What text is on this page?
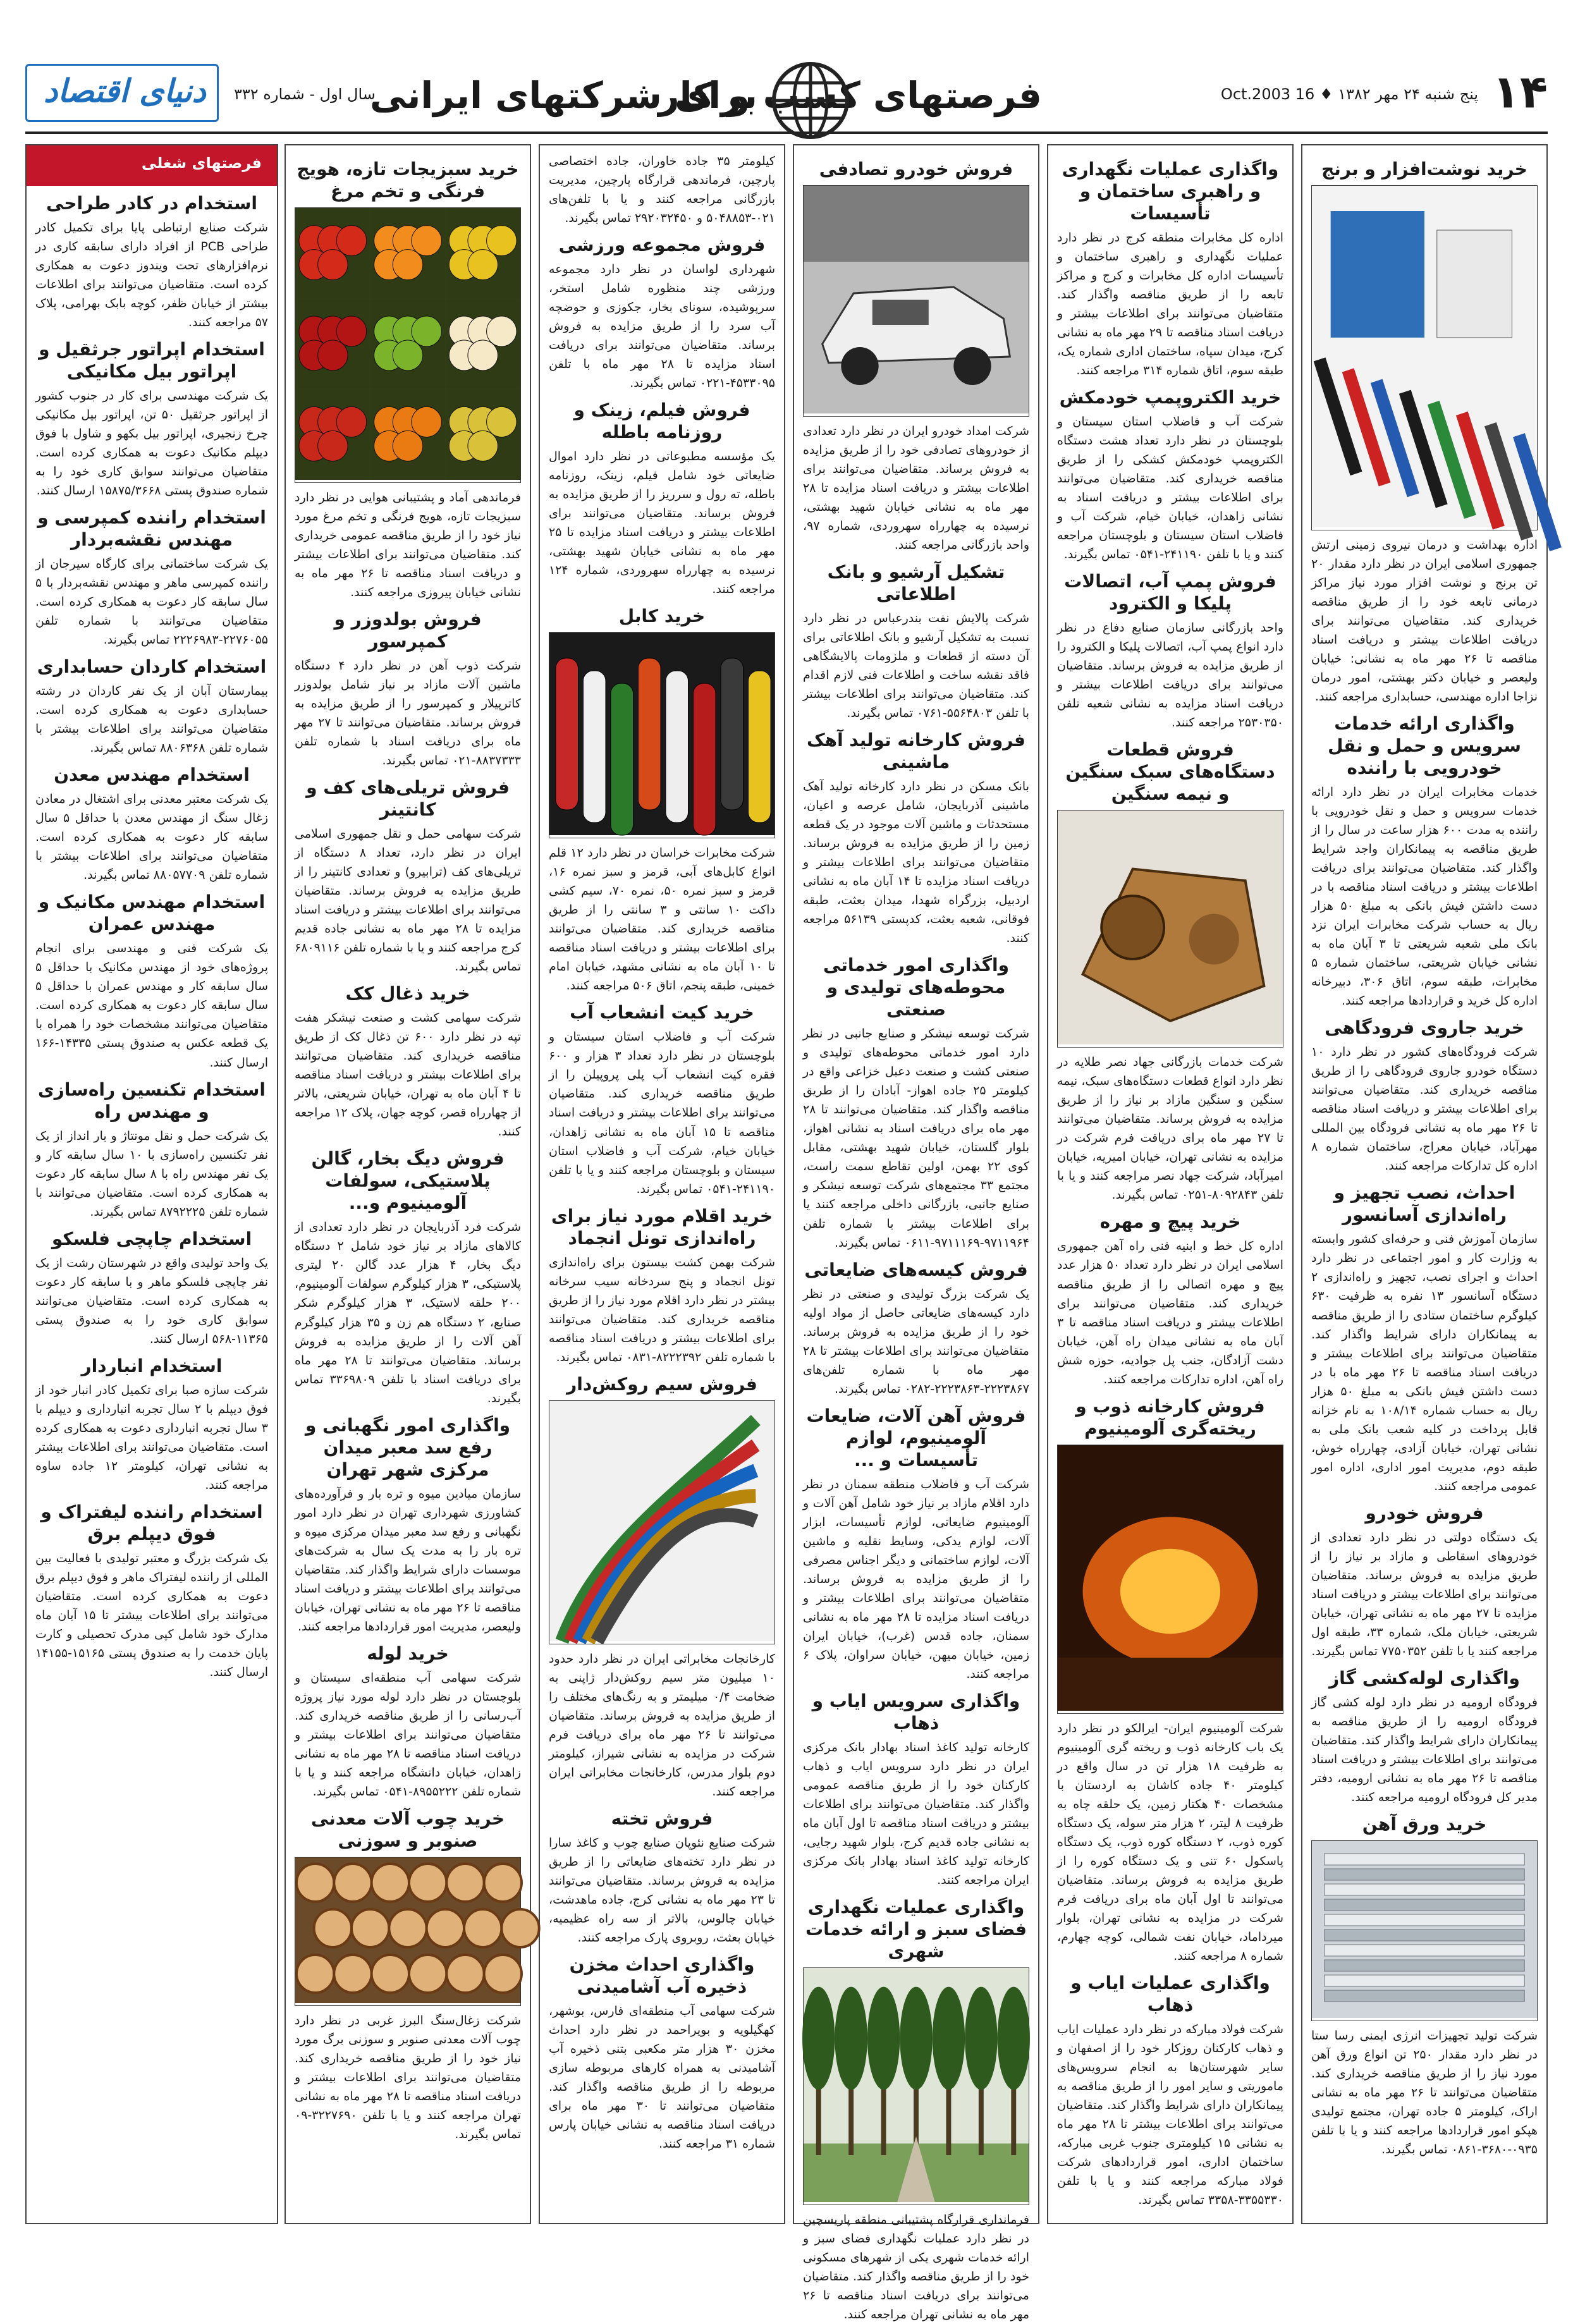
۱۴
پنج شنبه ۲۴ مهر ۱۳۸۲ ♦ 16 Oct.2003
فرصتهای کسب و کار
برای شرکتهای ایرانی
سال اول - شماره ۳۳۲
دنیای اقتصاد
خرید نوشت‌افزار و برنج

اداره بهداشت و درمان نیروی زمینی ارتش جمهوری اسلامی ایران در نظر دارد مقدار ۲۰ تن برنج و نوشت افزار مورد نیاز مراکز درمانی تابعه خود را از طریق مناقصه خریداری کند. متقاضیان می‌توانند برای دریافت اطلاعات بیشتر و دریافت اسناد مناقصه تا ۲۶ مهر ماه به نشانی: خیابان ولیعصر و خیابان دکتر بهشتی، امور درمان نزاجا اداره مهندسی، حسابداری مراجعه کنند.

واگذاری ارائه خدمات سرویس و حمل و نقل خودرویی با راننده

خدمات مخابرات ایران در نظر دارد ارائه خدمات سرویس و حمل و نقل خودرویی با راننده به مدت ۶۰۰ هزار ساعت در سال را از طریق مناقصه به پیمانکاران واجد شرایط واگذار کند. متقاضیان می‌توانند برای دریافت اطلاعات بیشتر و دریافت اسناد مناقصه با در دست داشتن فیش بانکی به مبلغ ۵۰ هزار ریال به حساب شرکت مخابرات ایران نزد بانک ملی شعبه شریعتی تا ۳ آبان ماه به نشانی خیابان شریعتی، ساختمان شماره ۵ مخابرات، طبقه سوم، اتاق ۳۰۶، دبیرخانه اداره کل خرید و قراردادها مراجعه کنند.

خرید جاروی فرودگاهی

شرکت فرودگاه‌های کشور در نظر دارد ۱۰ دستگاه خودرو جاروی فرودگاهی را از طریق مناقصه خریداری کند. متقاضیان می‌توانند برای اطلاعات بیشتر و دریافت اسناد مناقصه تا ۲۶ مهر ماه به نشانی فرودگاه بین المللی مهرآباد، خیابان معراج، ساختمان شماره ۸ اداره کل تدارکات مراجعه کنند.

احداث، نصب تجهیز و راه‌اندازی آسانسور

سازمان آموزش فنی و حرفه‌ای کشور وابسته به وزارت کار و امور اجتماعی در نظر دارد احداث و اجرای نصب، تجهیز و راه‌اندازی ۲ دستگاه آسانسور ۱۳ نفره به ظرفیت ۶۳۰ کیلوگرم ساختمان ستادی را از طریق مناقصه به پیمانکاران دارای شرایط واگذار کند. متقاضیان می‌توانند برای اطلاعات بیشتر و دریافت اسناد مناقصه تا ۲۶ مهر ماه با در دست داشتن فیش بانکی به مبلغ ۵۰ هزار ریال به حساب شماره ۱۰۸/۱۴ به نام خزانه قابل پرداخت در کلیه شعب بانک ملی به نشانی تهران، خیابان آزادی، چهارراه خوش، طبقه دوم، مدیریت امور اداری، اداره امور عمومی مراجعه کنند.

فروش خودرو

یک دستگاه دولتی در نظر دارد تعدادی از خودروهای اسقاطی و مازاد بر نیاز را از طریق مزایده به فروش برساند. متقاضیان می‌توانند برای اطلاعات بیشتر و دریافت اسناد مزایده تا ۲۷ مهر ماه به نشانی تهران، خیابان شریعتی، خیابان ملک، شماره ۳۳، طبقه اول مراجعه کنند یا با تلفن ۷۷۵۰۳۵۲ تماس بگیرند.

واگذاری لوله‌کشی گاز

فرودگاه ارومیه در نظر دارد لوله کشی گاز فرودگاه ارومیه را از طریق مناقصه به پیمانکاران دارای شرایط واگذار کند. متقاضیان می‌توانند برای اطلاعات بیشتر و دریافت اسناد مناقصه تا ۲۶ مهر ماه به نشانی ارومیه، دفتر مدیر کل فرودگاه ارومیه مراجعه کنند.

خرید ورق آهن

شرکت تولید تجهیزات انرژی ایمنی رسا ستا در نظر دارد مقدار ۲۵۰ تن انواع ورق آهن مورد نیاز را از طریق مناقصه خریداری کند. متقاضیان می‌توانند تا ۲۶ مهر ماه به نشانی اراک، کیلومتر ۵ جاده تهران، مجتمع تولیدی هپکو امور قراردادها مراجعه کنند و یا با تلفن ۰۹۳۵-۳۶۸۰-۰۸۶۱ تماس بگیرند.

واگذاری عملیات نگهداری و راهبری ساختمان و تأسیسات

اداره کل مخابرات منطقه کرج در نظر دارد عملیات نگهداری و راهبری ساختمان و تأسیسات اداره کل مخابرات و کرج و مراکز تابعه را از طریق مناقصه واگذار کند. متقاضیان می‌توانند برای اطلاعات بیشتر و دریافت اسناد مناقصه تا ۲۹ مهر ماه به نشانی کرج، میدان سپاه، ساختمان اداری شماره یک، طبقه سوم، اتاق شماره ۳۱۴ مراجعه کنند.

خرید الکتروپمپ خودمکش

شرکت آب و فاضلاب استان سیستان و بلوچستان در نظر دارد تعداد هشت دستگاه الکتروپمپ خودمکش کشکی را از طریق مناقصه خریداری کند. متقاضیان می‌توانند برای اطلاعات بیشتر و دریافت اسناد به نشانی زاهدان، خیابان خیام، شرکت آب و فاضلاب استان سیستان و بلوچستان مراجعه کنند و یا با تلفن ۲۴۱۱۹۰-۰۵۴۱ تماس بگیرند.

فروش پمپ آب، اتصالات پلیکا و الکترود

واحد بازرگانی سازمان صنایع دفاع در نظر دارد انواع پمپ آب، اتصالات پلیکا و الکترود را از طریق مزایده به فروش برساند. متقاضیان می‌توانند برای دریافت اطلاعات بیشتر و دریافت اسناد مزایده به نشانی شعبه تلفن ۲۵۳۰۳۵۰ مراجعه کنند.

فروش قطعات دستگاه‌های سبک سنگین و نیمه سنگین

شرکت خدمات بازرگانی جهاد نصر طلایه در نظر دارد انواع قطعات دستگاه‌های سبک، نیمه سنگین و سنگین مازاد بر نیاز را از طریق مزایده به فروش برساند. متقاضیان می‌توانند تا ۲۷ مهر ماه برای دریافت فرم شرکت در مزایده به نشانی تهران، خیابان امیریه، خیابان امیرآباد، شرکت جهاد نصر مراجعه کنند و یا با تلفن ۸۰۹۲۸۴۳-۰۲۵۱ تماس بگیرند.

خرید پیچ و مهره

اداره کل خط و ابنیه فنی راه آهن جمهوری اسلامی ایران در نظر دارد تعداد ۵۰ هزار عدد پیچ و مهره اتصالی را از طریق مناقصه خریداری کند. متقاضیان می‌توانند برای اطلاعات بیشتر و دریافت اسناد مناقصه تا ۳ آبان ماه به نشانی میدان راه آهن، خیابان دشت آزادگان، جنب پل جوادیه، حوزه شش راه آهن، اداره تدارکات مراجعه کنند.

فروش کارخانه ذوب و ریخته‌گری آلومینیوم

شرکت آلومینیوم ایران- ایرالکو در نظر دارد یک باب کارخانه ذوب و ریخته گری آلومینیوم به ظرفیت ۱۸ هزار تن در سال واقع در کیلومتر ۴۰ جاده کاشان به اردستان با مشخصات ۴۰ هکتار زمین، یک حلقه چاه به ظرفیت ۸ لیتر، ۲ هزار متر سوله، یک دستگاه کوره ذوب، ۲ دستگاه کوره ذوب، یک دستگاه پاسکول ۶۰ تنی و یک دستگاه کوره را از طریق مزایده به فروش برساند. متقاضیان می‌توانند تا اول آبان ماه برای دریافت فرم شرکت در مزایده به نشانی تهران، بلوار میرداماد، خیابان نفت شمالی، کوچه چهارم، شماره ۸ مراجعه کنند.

واگذاری عملیات ایاب و ذهاب

شرکت فولاد مبارکه در نظر دارد عملیات ایاب و ذهاب کارکنان روزکار خود را از اصفهان و سایر شهرستان‌ها به انجام سرویس‌های ماموریتی و سایر امور را از طریق مناقصه به پیمانکاران دارای شرایط واگذار کند. متقاضیان می‌توانند برای اطلاعات بیشتر تا ۲۸ مهر ماه به نشانی ۱۵ کیلومتری جنوب غربی مبارکه، ساختمان اداری، امور قراردادهای شرکت فولاد مبارکه مراجعه کنند و یا با تلفن ۳۳۵۵۳۳۰-۳۳۵۸ تماس بگیرند.

فروش خودرو تصادفی

شرکت امداد خودرو ایران در نظر دارد تعدادی از خودروهای تصادفی خود را از طریق مزایده به فروش برساند. متقاضیان می‌توانند برای اطلاعات بیشتر و دریافت اسناد مزایده تا ۲۸ مهر ماه به نشانی خیابان شهید بهشتی، نرسیده به چهارراه سهروردی، شماره ۹۷، واحد بازرگانی مراجعه کنند.

تشکیل آرشیو و بانک اطلاعاتی

شرکت پالایش نفت بندرعباس در نظر دارد نسبت به تشکیل آرشیو و بانک اطلاعاتی برای آن دسته از قطعات و ملزومات پالایشگاهی فاقد نقشه ساخت و اطلاعات فنی لازم اقدام کند. متقاضیان می‌توانند برای اطلاعات بیشتر با تلفن ۵۵۶۴۸۰۳-۰۷۶۱ تماس بگیرند.

فروش کارخانه تولید آهک ماشینی

بانک مسکن در نظر دارد کارخانه تولید آهک ماشینی آذربایجان، شامل عرصه و اعیان، مستحدثات و ماشین آلات موجود در یک قطعه زمین را از طریق مزایده به فروش برساند. متقاضیان می‌توانند برای اطلاعات بیشتر و دریافت اسناد مزایده تا ۱۴ آبان ماه به نشانی اردبیل، بزرگراه شهدا، میدان بعثت، طبقه فوقانی، شعبه بعثت، کدپستی ۵۶۱۳۹ مراجعه کنند.

واگذاری امور خدماتی محوطه‌های تولیدی و صنعتی

شرکت توسعه نیشکر و صنایع جانبی در نظر دارد امور خدماتی محوطه‌های تولیدی و صنعتی کشت و صنعت دعبل خزاعی واقع در کیلومتر ۲۵ جاده اهواز- آبادان را از طریق مناقصه واگذار کند. متقاضیان می‌توانند تا ۲۸ مهر ماه برای دریافت اسناد به نشانی اهواز، بلوار گلستان، خیابان شهید بهشتی، مقابل کوی ۲۲ بهمن، اولین تقاطع سمت راست، مجتمع ۳۳ مجتمع‌های شرکت توسعه نیشکر و صنایع جانبی، بازرگانی داخلی مراجعه کنند یا برای اطلاعات بیشتر با شماره تلفن ۹۷۱۱۹۶۴-۹۷۱۱۱۶۹-۰۶۱۱ تماس بگیرند.

فروش کیسه‌های ضایعاتی

یک شرکت بزرگ تولیدی و صنعتی در نظر دارد کیسه‌های ضایعاتی حاصل از مواد اولیه خود را از طریق مزایده به فروش برساند. متقاضیان می‌توانند برای اطلاعات بیشتر تا ۲۸ مهر ماه با شماره تلفن‌های ۲۲۲۳۸۶۷-۲۲۲۳۸۶۳-۰۲۸۲ تماس بگیرند.

فروش آهن آلات، ضایعات آلومینیوم، لوازم تأسیسات و ...

شرکت آب و فاضلاب منطقه سمنان در نظر دارد اقلام مازاد بر نیاز خود شامل آهن آلات و آلومینیوم ضایعاتی، لوازم تأسیسات، ابزار آلات، لوازم یدکی، وسایط نقلیه و ماشین آلات، لوازم ساختمانی و دیگر اجناس مصرفی را از طریق مزایده به فروش برساند. متقاضیان می‌توانند برای اطلاعات بیشتر و دریافت اسناد مزایده تا ۲۸ مهر ماه به نشانی سمنان، جاده قدس (غرب)، خیابان ایران زمین، خیابان میهن، خیابان سراوان، پلاک ۶ مراجعه کنند.

واگذاری سرویس ایاب و ذهاب

کارخانه تولید کاغذ اسناد بهادار بانک مرکزی ایران در نظر دارد سرویس ایاب و ذهاب کارکنان خود را از طریق مناقصه عمومی واگذار کند. متقاضیان می‌توانند برای اطلاعات بیشتر و دریافت اسناد مناقصه تا اول آبان ماه به نشانی جاده قدیم کرج، بلوار شهید رجایی، کارخانه تولید کاغذ اسناد بهادار بانک مرکزی ایران مراجعه کنند.

واگذاری عملیات نگهداری فضای سبز و ارائه خدمات شهری

فرمانداری قرارگاه پشتیبانی منطقه پاریسچین در نظر دارد عملیات نگهداری فضای سبز و ارائه خدمات شهری یکی از شهرهای مسکونی خود را از طریق مناقصه واگذار کند. متقاضیان می‌توانند برای دریافت اسناد مناقصه تا ۲۶ مهر ماه به نشانی تهران مراجعه کنند.

کیلومتر ۳۵ جاده خاوران، جاده اختصاصی پارچین، فرماندهی قرارگاه پارچین، مدیریت بازرگانی مراجعه کنند و یا با تلفن‌های ۰۲۱-۵۰۴۸۸۵۳ و ۲۹۲۰۳۲۴۵۰ تماس بگیرند.

فروش مجموعه ورزشی

شهرداری لواسان در نظر دارد مجموعه ورزشی چند منظوره شامل استخر، سرپوشیده، سونای بخار، جکوزی و حوضچه آب سرد را از طریق مزایده به فروش برساند. متقاضیان می‌توانند برای دریافت اسناد مزایده تا ۲۸ مهر ماه با تلفن ۴۵۳۳۰۹۵-۰۲۲۱ تماس بگیرند.

فروش فیلم، زینک و روزنامه باطله

یک مؤسسه مطبوعاتی در نظر دارد اموال ضایعاتی خود شامل فیلم، زینک، روزنامه باطله، ته رول و سرریز را از طریق مزایده به فروش برساند. متقاضیان می‌توانند برای اطلاعات بیشتر و دریافت اسناد مزایده تا ۲۵ مهر ماه به نشانی خیابان شهید بهشتی، نرسیده به چهارراه سهروردی، شماره ۱۲۴ مراجعه کنند.

خرید کابل

شرکت مخابرات خراسان در نظر دارد ۱۲ قلم انواع کابل‌های آبی، قرمز و سبز نمره ۱۶، قرمز و سبز نمره ۵۰، نمره ۷۰، سیم کشی داکت ۱۰ سانتی و ۳ سانتی را از طریق مناقصه خریداری کند. متقاضیان می‌توانند برای اطلاعات بیشتر و دریافت اسناد مناقصه تا ۱۰ آبان ماه به نشانی مشهد، خیابان امام خمینی، طبقه پنجم، اتاق ۵۰۶ مراجعه کنند.

خرید کیت انشعاب آب

شرکت آب و فاضلاب استان سیستان و بلوچستان در نظر دارد تعداد ۳ هزار و ۶۰۰ فقره کیت انشعاب آب پلی پروپیلن را از طریق مناقصه خریداری کند. متقاضیان می‌توانند برای اطلاعات بیشتر و دریافت اسناد مناقصه تا ۱۵ آبان ماه به نشانی زاهدان، خیابان خیام، شرکت آب و فاضلاب استان سیستان و بلوچستان مراجعه کنند و یا با تلفن ۲۴۱۱۹۰-۰۵۴۱ تماس بگیرند.

خرید اقلام مورد نیاز برای راه‌اندازی تونل انجماد

شرکت بهمن کشت بیستون برای راه‌اندازی تونل انجماد و پنج سردخانه سیب سرخانه بیشتر در نظر دارد اقلام مورد نیاز را از طریق مناقصه خریداری کند. متقاضیان می‌توانند برای اطلاعات بیشتر و دریافت اسناد مناقصه با شماره تلفن ۸۲۲۲۳۹۲-۰۸۳۱ تماس بگیرند.

فروش سیم روکش‌دار

کارخانجات مخابراتی ایران در نظر دارد حدود ۱۰ میلیون متر سیم روکش‌دار ژاپنی به ضخامت ۰/۴ میلیمتر و به رنگ‌های مختلف را از طریق مزایده به فروش برساند. متقاضیان می‌توانند تا ۲۶ مهر ماه برای دریافت فرم شرکت در مزایده به نشانی شیراز، کیلومتر دوم بلوار مدرس، کارخانجات مخابراتی ایران مراجعه کنند.

فروش تخته

شرکت صنایع نئوپان صنایع چوب و کاغذ سارا در نظر دارد تخته‌های ضایعاتی را از طریق مزایده به فروش برساند. متقاضیان می‌توانند تا ۲۳ مهر ماه به نشانی کرج، جاده ماهدشت، خیابان چالوس، بالاتر از سه راه عظیمیه، خیابان بعثت، روبروی پارک مراجعه کنند.

واگذاری احداث مخزن ذخیره آب آشامیدنی

شرکت سهامی آب منطقه‌ای فارس، بوشهر، کهگیلویه و بویراحمد در نظر دارد احداث مخزن ۳۰ هزار متر مکعبی بتنی ذخیره آب آشامیدنی به همراه کارهای مربوطه سازی مربوطه را از طریق مناقصه واگذار کند. متقاضیان می‌توانند تا ۳۰ مهر ماه برای دریافت اسناد مناقصه به نشانی خیابان پارس شماره ۳۱ مراجعه کنند.

خرید سبزیجات تازه، هویج فرنگی و تخم مرغ

فرماندهی آماد و پشتیبانی هوایی در نظر دارد سبزیجات تازه، هویج فرنگی و تخم مرغ مورد نیاز خود را از طریق مناقصه عمومی خریداری کند. متقاضیان می‌توانند برای اطلاعات بیشتر و دریافت اسناد مناقصه تا ۲۶ مهر ماه به نشانی خیابان پیروزی مراجعه کنند.

فروش بولدوزر و کمپرسور

شرکت ذوب آهن در نظر دارد ۴ دستگاه ماشین آلات مازاد بر نیاز شامل بولدوزر کاترپیلار و کمپرسور را از طریق مزایده به فروش برساند. متقاضیان می‌توانند تا ۲۷ مهر ماه برای دریافت اسناد با شماره تلفن ۸۸۳۷۳۳۳-۰۲۱ تماس بگیرند.

فروش تریلی‌های کف و کانتینر

شرکت سهامی حمل و نقل جمهوری اسلامی ایران در نظر دارد، تعداد ۸ دستگاه از تریلی‌های کف (ترابیرو) و تعدادی کانتینر را از طریق مزایده به فروش برساند. متقاضیان می‌توانند برای اطلاعات بیشتر و دریافت اسناد مزایده تا ۲۸ مهر ماه به نشانی جاده قدیم کرج مراجعه کنند و یا با شماره تلفن ۶۸۰۹۱۱۶ تماس بگیرند.

خرید ذغال کک

شرکت سهامی کشت و صنعت نیشکر هفت تپه در نظر دارد ۶۰۰ تن ذغال کک از طریق مناقصه خریداری کند. متقاضیان می‌توانند برای اطلاعات بیشتر و دریافت اسناد مناقصه تا ۴ آبان ماه به تهران، خیابان شریعتی، بالاتر از چهارراه قصر، کوچه جهان، پلاک ۱۲ مراجعه کنند.

فروش دیگ بخار، گالن پلاستیکی، سولفات آلومینیوم و...

شرکت فرد آذربایجان در نظر دارد تعدادی از کالاهای مازاد بر نیاز خود شامل ۲ دستگاه دیگ بخار، ۴ هزار عدد گالن ۲۰ لیتری پلاستیکی، ۳ هزار کیلوگرم سولفات آلومینیوم، ۲۰۰ حلقه لاستیک، ۳ هزار کیلوگرم شکر صنایع، ۲ دستگاه هم زن و ۳۵ هزار کیلوگرم آهن آلات را از طریق مزایده به فروش برساند. متقاضیان می‌توانند تا ۲۸ مهر ماه برای دریافت اسناد با تلفن ۳۳۶۹۸۰۹ تماس بگیرند.

واگذاری امور نگهبانی و رفع سد معبر میدان مرکزی شهر تهران

سازمان میادین میوه و تره بار و فرآورده‌های کشاورزی شهرداری تهران در نظر دارد امور نگهبانی و رفع سد معبر میدان مرکزی میوه و تره بار را به مدت یک سال به شرکت‌های موسسات دارای شرایط واگذار کند. متقاضیان می‌توانند برای اطلاعات بیشتر و دریافت اسناد مناقصه تا ۲۶ مهر ماه به نشانی تهران، خیابان ولیعصر، مدیریت امور قراردادها مراجعه کنند.

خرید لوله

شرکت سهامی آب منطقه‌ای سیستان و بلوچستان در نظر دارد لوله مورد نیاز پروژه آب‌رسانی را از طریق مناقصه خریداری کند. متقاضیان می‌توانند برای اطلاعات بیشتر و دریافت اسناد مناقصه تا ۲۸ مهر ماه به نشانی زاهدان، خیابان دانشگاه مراجعه کنند و یا با شماره تلفن ۸۹۵۵۲۲۲-۰۵۴۱ تماس بگیرند.

خرید چوب آلات معدنی صنوبر و سوزنی

شرکت زغال‌سنگ البرز غربی در نظر دارد چوب آلات معدنی صنوبر و سوزنی برگ مورد نیاز خود را از طریق مناقصه خریداری کند. متقاضیان می‌توانند برای اطلاعات بیشتر و دریافت اسناد مناقصه تا ۲۸ مهر ماه به نشانی تهران مراجعه کنند و یا با تلفن ۳۲۲۷۶۹۰-۰۹ تماس بگیرند.

فرصتهای شغلی
استخدام در کادر طراحی

شرکت صنایع ارتباطی پایا برای تکمیل کادر طراحی PCB از افراد دارای سابقه کاری در نرم‌افزارهای تحت ویندوز دعوت به همکاری کرده است. متقاضیان می‌توانند برای اطلاعات بیشتر از خیابان ظفر، کوچه بابک بهرامی، پلاک ۵۷ مراجعه کنند.

استخدام اپراتور جرثقیل و اپراتور بیل مکانیکی

یک شرکت مهندسی برای کار در جنوب کشور از اپراتور جرثقیل ۵۰ تن، اپراتور بیل مکانیکی چرخ زنجیری، اپراتور بیل بکهو و شاول با فوق دیپلم مکانیک دعوت به همکاری کرده است. متقاضیان می‌توانند سوابق کاری خود را به شماره صندوق پستی ۱۵۸۷۵/۳۶۶۸ ارسال کنند.

استخدام راننده کمپرسی و مهندس نقشه‌بردار

یک شرکت ساختمانی برای کارگاه سیرجان از راننده کمپرسی ماهر و مهندس نقشه‌بردار با ۵ سال سابقه کار دعوت به همکاری کرده است. متقاضیان می‌توانند با شماره تلفن ۲۲۷۶۰۵۵-۲۲۲۶۹۸۳ تماس بگیرند.

استخدام کاردان حسابداری

بیمارستان آبان از یک نفر کاردان در رشته حسابداری دعوت به همکاری کرده است. متقاضیان می‌توانند برای اطلاعات بیشتر با شماره تلفن ۸۸۰۶۳۶۸ تماس بگیرند.

استخدام مهندس معدن

یک شرکت معتبر معدنی برای اشتغال در معادن زغال سنگ از مهندس معدن با حداقل ۵ سال سابقه کار دعوت به همکاری کرده است. متقاضیان می‌توانند برای اطلاعات بیشتر با شماره تلفن ۸۸۰۵۷۷۰۹ تماس بگیرند.

استخدام مهندس مکانیک و مهندس عمران

یک شرکت فنی و مهندسی برای انجام پروژه‌های خود از مهندس مکانیک با حداقل ۵ سال سابقه کار و مهندس عمران با حداقل ۵ سال سابقه کار دعوت به همکاری کرده است. متقاضیان می‌توانند مشخصات خود را همراه با یک قطعه عکس به صندوق پستی ۱۴۳۳۵-۱۶۶ ارسال کنند.

استخدام تکنسین راه‌سازی و مهندس راه

یک شرکت حمل و نقل مونتاژ و بار انداز از یک نفر تکنسین راه‌سازی با ۱۰ سال سابقه کار و یک نفر مهندس راه با ۸ سال سابقه کار دعوت به همکاری کرده است. متقاضیان می‌توانند با شماره تلفن ۸۷۹۲۲۲۵ تماس بگیرند.

استخدام چاپچی فلسکو

یک واحد تولیدی واقع در شهرستان رشت از یک نفر چاپچی فلسکو ماهر و با سابقه کار دعوت به همکاری کرده است. متقاضیان می‌توانند سوابق کاری خود را به صندوق پستی ۱۱۳۶۵-۵۶۸ ارسال کنند.

استخدام انباردار

شرکت سازه صبا برای تکمیل کادر انبار خود از فوق دیپلم با ۲ سال تجربه انبارداری و دیپلم با ۳ سال تجربه انبارداری دعوت به همکاری کرده است. متقاضیان می‌توانند برای اطلاعات بیشتر به نشانی تهران، کیلومتر ۱۲ جاده ساوه مراجعه کنند.

استخدام راننده لیفتراک و فوق دیپلم برق

یک شرکت بزرگ و معتبر تولیدی با فعالیت بین المللی از راننده لیفتراک ماهر و فوق دیپلم برق دعوت به همکاری کرده است. متقاضیان می‌توانند برای اطلاعات بیشتر تا ۱۵ آبان ماه مدارک خود شامل کپی مدرک تحصیلی و کارت پایان خدمت را به صندوق پستی ۱۵۱۶۵-۱۴۱۵۵ ارسال کنند.
